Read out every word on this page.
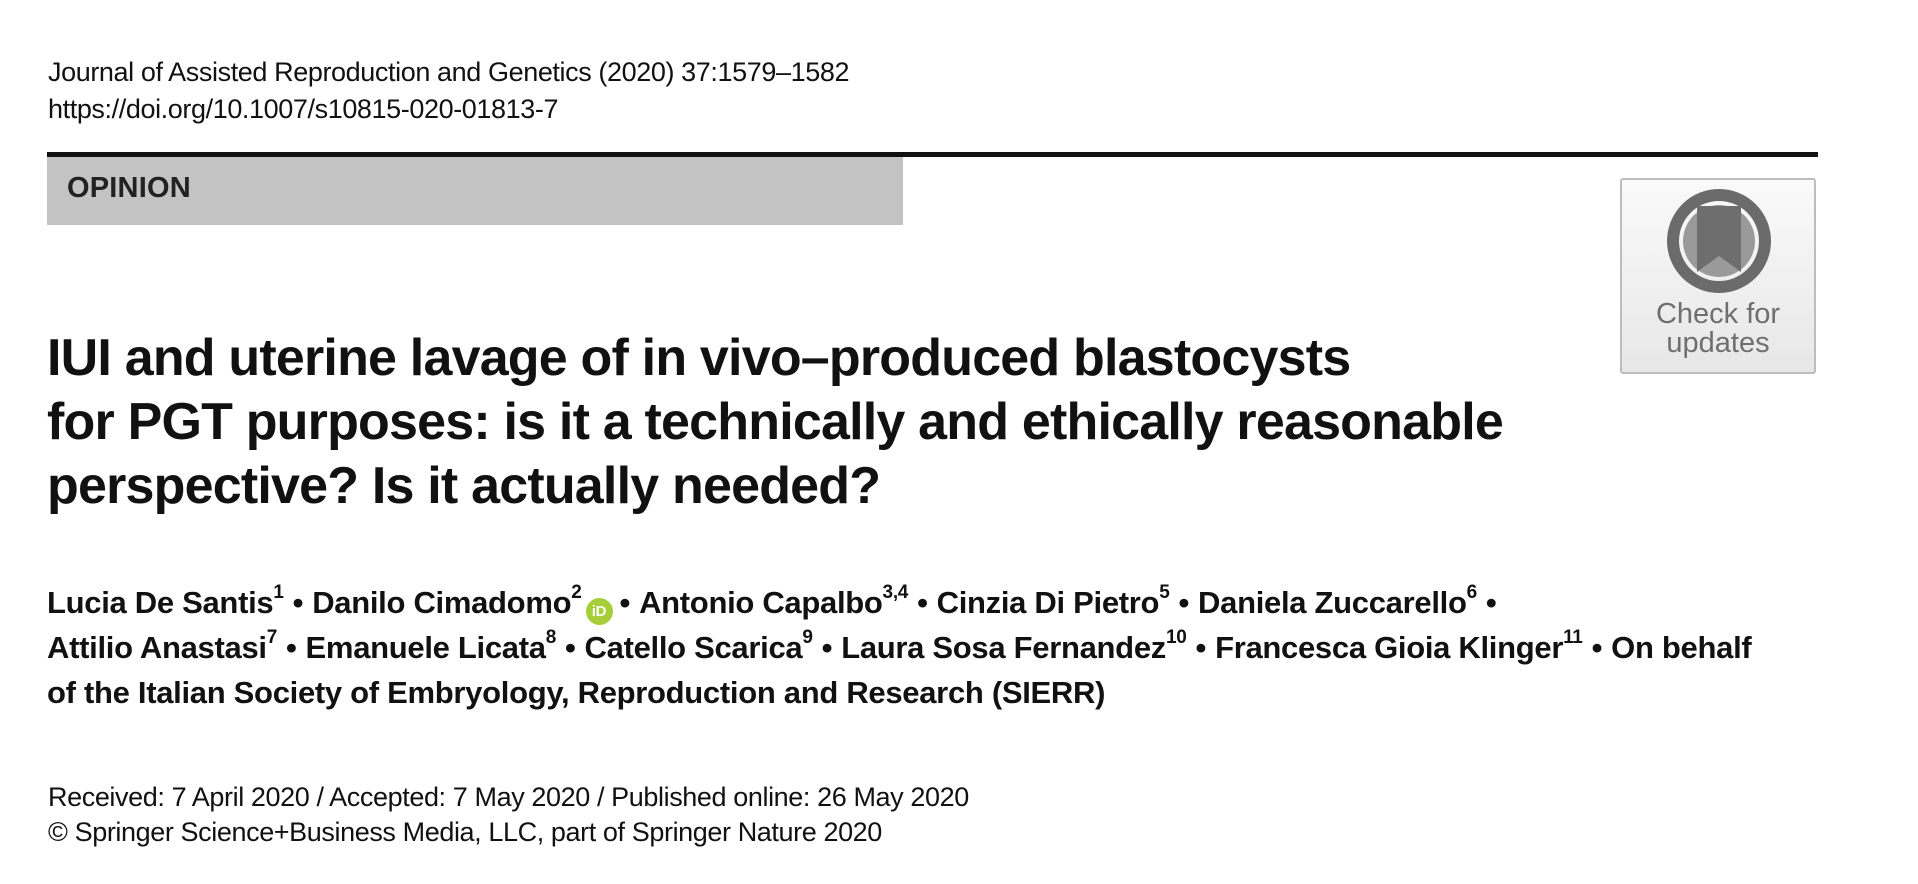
Journal of Assisted Reproduction and Genetics (2020) 37:1579–1582
https://doi.org/10.1007/s10815-020-01813-7
OPINION
Check for
updates
IUI and uterine lavage of in vivo–produced blastocysts
for PGT purposes: is it a technically and ethically reasonable
perspective? Is it actually needed?
Lucia De Santis$^1$ • Danilo Cimadomo$^2$iD • Antonio Capalbo$^{3,4}$ • Cinzia Di Pietro$^5$ • Daniela Zuccarello$^6$ •
Attilio Anastasi$^7$ • Emanuele Licata$^8$ • Catello Scarica$^9$ • Laura Sosa Fernandez$^{10}$ • Francesca Gioia Klinger$^{11}$ • On behalf
of the Italian Society of Embryology, Reproduction and Research (SIERR)
Received: 7 April 2020 / Accepted: 7 May 2020 / Published online: 26 May 2020
© Springer Science+Business Media, LLC, part of Springer Nature 2020
